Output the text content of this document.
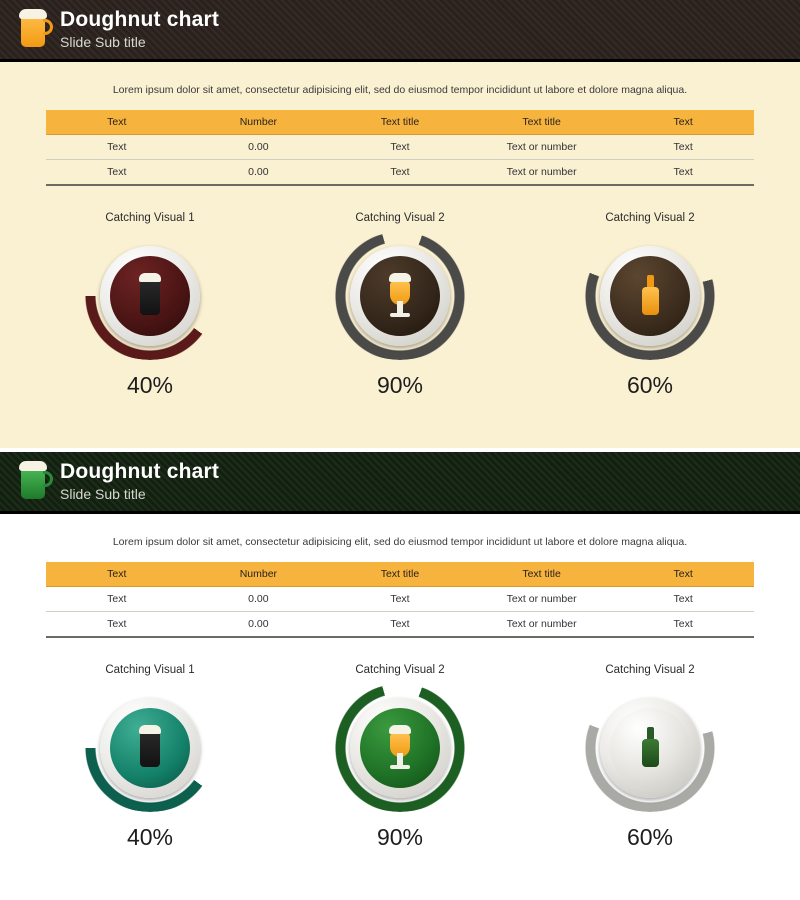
Doughnut chart
Slide Sub title
Lorem ipsum dolor sit amet, consectetur adipisicing elit, sed do eiusmod tempor incididunt ut labore et dolore magna aliqua.
Text	Number	Text title	Text title	Text
Text	0.00	Text	Text or number	Text
Text	0.00	Text	Text or number	Text
Catching Visual 1
40%
Catching Visual 2
90%
Catching Visual 2
60%
Doughnut chart
Slide Sub title
Lorem ipsum dolor sit amet, consectetur adipisicing elit, sed do eiusmod tempor incididunt ut labore et dolore magna aliqua.
Text	Number	Text title	Text title	Text
Text	0.00	Text	Text or number	Text
Text	0.00	Text	Text or number	Text
Catching Visual 1
40%
Catching Visual 2
90%
Catching Visual 2
60%
